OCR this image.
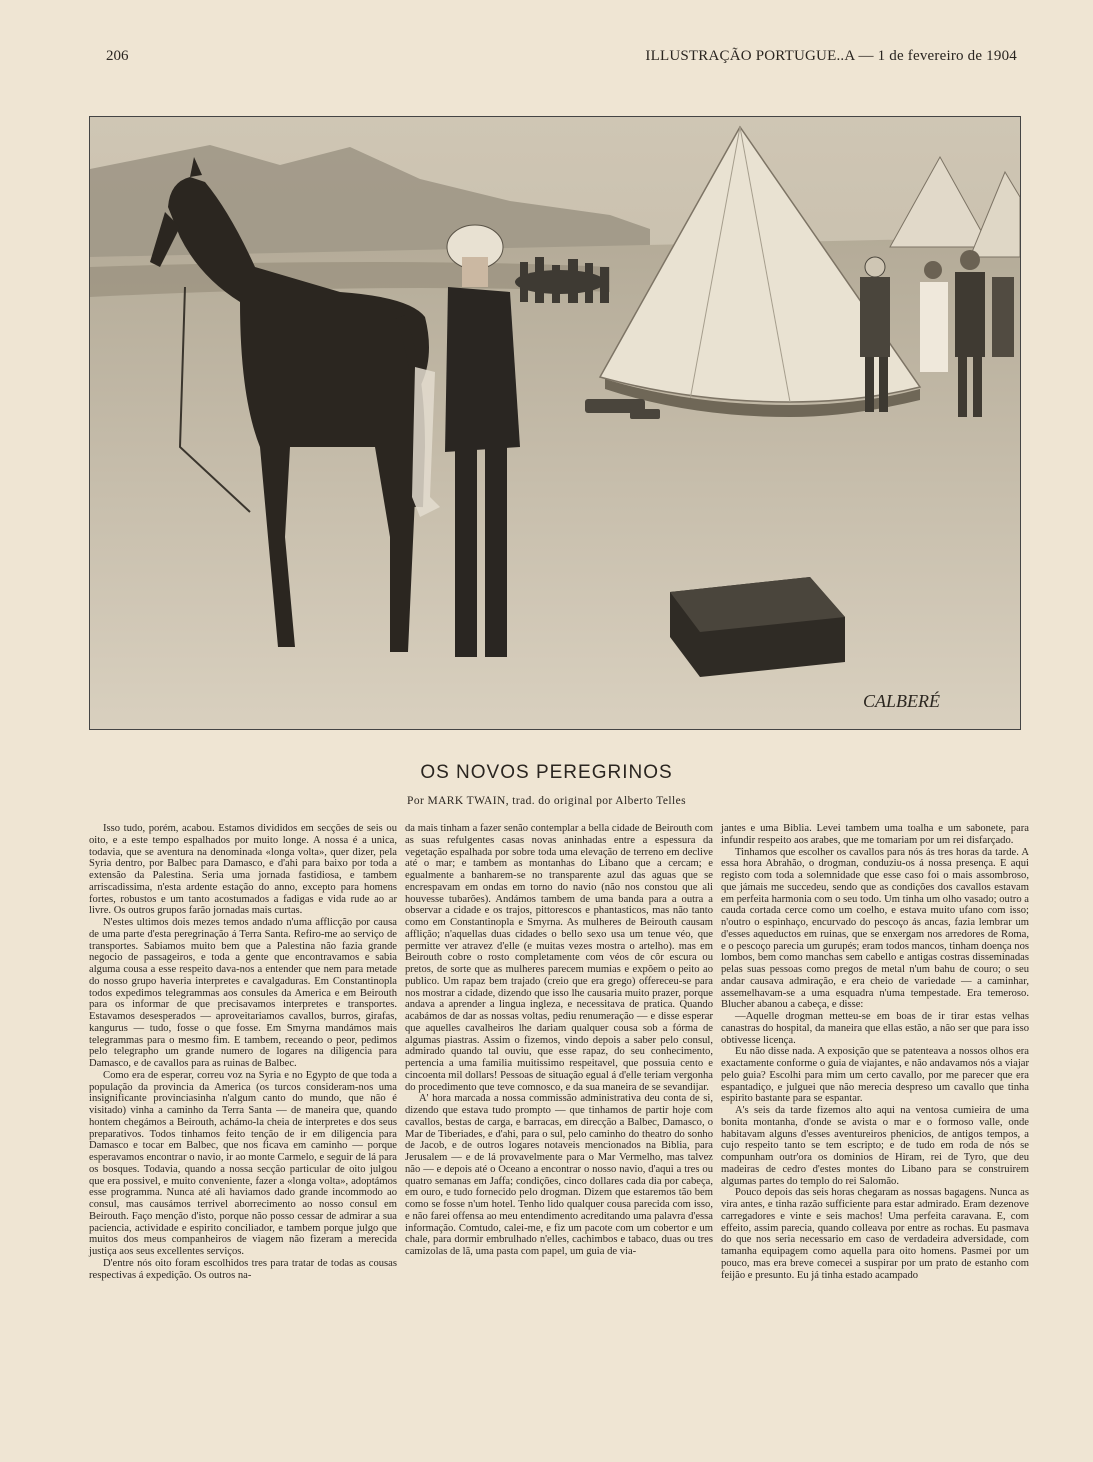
206	ILLUSTRAÇÃO PORTUGUE..A — 1 de fevereiro de 1904
CALBERÉ
OS NOVOS PEREGRINOS
Por MARK TWAIN, trad. do original por Alberto Telles

Isso tudo, porém, acabou. Estamos divididos em secções de seis ou oito, e a este tempo espalhados por muito longe. A nossa é a unica, todavia, que se aventura na denominada «longa volta», quer dizer, pela Syria dentro, por Balbec para Damasco, e d'ahi para baixo por toda a extensão da Palestina. Seria uma jornada fastidiosa, e tambem arriscadissima, n'esta ardente estação do anno, excepto para homens fortes, robustos e um tanto acostumados a fadigas e vida rude ao ar livre. Os outros grupos farão jornadas mais curtas.

N'estes ultimos dois mezes temos andado n'uma afflicção por causa de uma parte d'esta peregrinação á Terra Santa. Refiro-me ao serviço de transportes. Sabiamos muito bem que a Palestina não fazia grande negocio de passageiros, e toda a gente que encontravamos e sabia alguma cousa a esse respeito dava-nos a entender que nem para metade do nosso grupo haveria interpretes e cavalgaduras. Em Constantinopla todos expedimos telegrammas aos consules da America e em Beirouth para os informar de que precisavamos interpretes e transportes. Estavamos desesperados — aproveitariamos cavallos, burros, girafas, kangurus — tudo, fosse o que fosse. Em Smyrna mandámos mais telegrammas para o mesmo fim. E tambem, receando o peor, pedimos pelo telegrapho um grande numero de logares na diligencia para Damasco, e de cavallos para as ruinas de Balbec.

Como era de esperar, correu voz na Syria e no Egypto de que toda a população da provincia da America (os turcos consideram-nos uma insignificante provinciasinha n'algum canto do mundo, que não é visitado) vinha a caminho da Terra Santa — de maneira que, quando hontem chegámos a Beirouth, achámo-la cheia de interpretes e dos seus preparativos. Todos tinhamos feito tenção de ir em diligencia para Damasco e tocar em Balbec, que nos ficava em caminho — porque esperavamos encontrar o navio, ir ao monte Carmelo, e seguir de lá para os bosques. Todavia, quando a nossa secção particular de oito julgou que era possivel, e muito conveniente, fazer a «longa volta», adoptámos esse programma. Nunca até ali haviamos dado grande incommodo ao consul, mas causámos terrivel aborrecimento ao nosso consul em Beirouth. Faço menção d'isto, porque não posso cessar de admirar a sua paciencia, actividade e espirito conciliador, e tambem porque julgo que muitos dos meus companheiros de viagem não fizeram a merecida justiça aos seus excellentes serviços.

D'entre nós oito foram escolhidos tres para tratar de todas as cousas respectivas á expedição. Os outros na-

da mais tinham a fazer senão contemplar a bella cidade de Beirouth com as suas refulgentes casas novas aninhadas entre a espessura da vegetação espalhada por sobre toda uma elevação de terreno em declive até o mar; e tambem as montanhas do Libano que a cercam; e egualmente a banharem-se no transparente azul das aguas que se encrespavam em ondas em torno do navio (não nos constou que ali houvesse tubarões). Andámos tambem de uma banda para a outra a observar a cidade e os trajos, pittorescos e phantasticos, mas não tanto como em Constantinopla e Smyrna. As mulheres de Beirouth causam afflição; n'aquellas duas cidades o bello sexo usa um tenue véo, que permitte ver atravez d'elle (e muitas vezes mostra o artelho). mas em Beirouth cobre o rosto completamente com véos de côr escura ou pretos, de sorte que as mulheres parecem mumias e expõem o peito ao publico. Um rapaz bem trajado (creio que era grego) offereceu-se para nos mostrar a cidade, dizendo que isso lhe causaria muito prazer, porque andava a aprender a lingua ingleza, e necessitava de pratica. Quando acabámos de dar as nossas voltas, pediu renumeração — e disse esperar que aquelles cavalheiros lhe dariam qualquer cousa sob a fórma de algumas piastras. Assim o fizemos, vindo depois a saber pelo consul, admirado quando tal ouviu, que esse rapaz, do seu conhecimento, pertencia a uma familia muitissimo respeitavel, que possuia cento e cincoenta mil dollars! Pessoas de situação egual á d'elle teriam vergonha do procedimento que teve comnosco, e da sua maneira de se sevandijar.

A' hora marcada a nossa commissão administrativa deu conta de si, dizendo que estava tudo prompto — que tinhamos de partir hoje com cavallos, bestas de carga, e barracas, em direcção a Balbec, Damasco, o Mar de Tiberiades, e d'ahi, para o sul, pelo caminho do theatro do sonho de Jacob, e de outros logares notaveis mencionados na Biblia, para Jerusalem — e de lá provavelmente para o Mar Vermelho, mas talvez não — e depois até o Oceano a encontrar o nosso navio, d'aqui a tres ou quatro semanas em Jaffa; condições, cinco dollares cada dia por cabeça, em ouro, e tudo fornecido pelo drogman. Dizem que estaremos tão bem como se fosse n'um hotel. Tenho lido qualquer cousa parecida com isso, e não farei offensa ao meu entendimento acreditando uma palavra d'essa informação. Comtudo, calei-me, e fiz um pacote com um cobertor e um chale, para dormir embrulhado n'elles, cachimbos e tabaco, duas ou tres camizolas de lã, uma pasta com papel, um guia de via-

jantes e uma Biblia. Levei tambem uma toalha e um sabonete, para infundir respeito aos arabes, que me tomariam por um rei disfarçado.

Tinhamos que escolher os cavallos para nós ás tres horas da tarde. A essa hora Abrahão, o drogman, conduziu-os á nossa presença. E aqui registo com toda a solemnidade que esse caso foi o mais assombroso, que jámais me succedeu, sendo que as condições dos cavallos estavam em perfeita harmonia com o seu todo. Um tinha um olho vasado; outro a cauda cortada cerce como um coelho, e estava muito ufano com isso; n'outro o espinhaço, encurvado do pescoço ás ancas, fazia lembrar um d'esses aqueductos em ruinas, que se enxergam nos arredores de Roma, e o pescoço parecia um gurupés; eram todos mancos, tinham doença nos lombos, bem como manchas sem cabello e antigas costras disseminadas pelas suas pessoas como pregos de metal n'um bahu de couro; o seu andar causava admiração, e era cheio de variedade — a caminhar, assemelhavam-se a uma esquadra n'uma tempestade. Era temeroso. Blucher abanou a cabeça, e disse:

—Aquelle drogman metteu-se em boas de ir tirar estas velhas canastras do hospital, da maneira que ellas estão, a não ser que para isso obtivesse licença.

Eu não disse nada. A exposição que se patenteava a nossos olhos era exactamente conforme o guia de viajantes, e não andavamos nós a viajar pelo guia? Escolhi para mim um certo cavallo, por me parecer que era espantadiço, e julguei que não merecia despreso um cavallo que tinha espirito bastante para se espantar.

A's seis da tarde fizemos alto aqui na ventosa cumieira de uma bonita montanha, d'onde se avista o mar e o formoso valle, onde habitavam alguns d'esses aventureiros phenicios, de antigos tempos, a cujo respeito tanto se tem escripto; e de tudo em roda de nós se compunham outr'ora os dominios de Hiram, rei de Tyro, que deu madeiras de cedro d'estes montes do Libano para se construirem algumas partes do templo do rei Salomão.

Pouco depois das seis horas chegaram as nossas bagagens. Nunca as vira antes, e tinha razão sufficiente para estar admirado. Eram dezenove carregadores e vinte e seis machos! Uma perfeita caravana. E, com effeito, assim parecia, quando colleava por entre as rochas. Eu pasmava do que nos seria necessario em caso de verdadeira adversidade, com tamanha equipagem como aquella para oito homens. Pasmei por um pouco, mas era breve comecei a suspirar por um prato de estanho com feijão e presunto. Eu já tinha estado acampado
